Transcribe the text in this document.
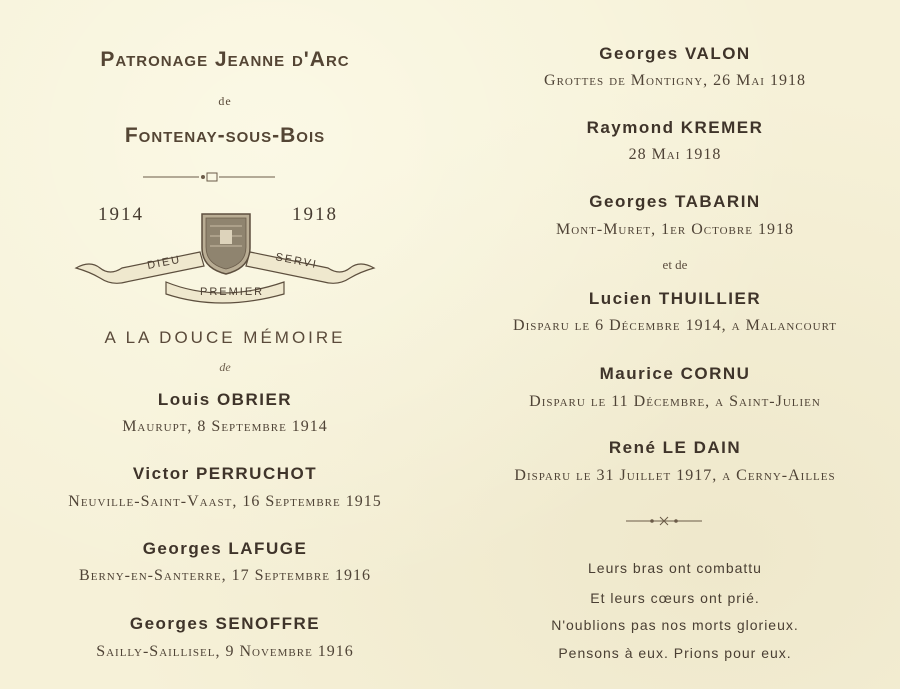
Patronage Jeanne d'Arc
de
Fontenay-sous-Bois
1914	1918
DIEU
PREMIER
SERVI
A LA DOUCE MÉMOIRE
de
Louis OBRIER
Maurupt, 8 Septembre 1914
Victor PERRUCHOT
Neuville-Saint-Vaast, 16 Septembre 1915
Georges LAFUGE
Berny-en-Santerre, 17 Septembre 1916
Georges SENOFFRE
Sailly-Saillisel, 9 Novembre 1916
Georges VALON
Grottes de Montigny, 26 Mai 1918
Raymond KREMER
28 Mai 1918
Georges TABARIN
Mont-Muret, 1er Octobre 1918
et de
Lucien THUILLIER
Disparu le 6 Décembre 1914, a Malancourt
Maurice CORNU
Disparu le 11 Décembre, a Saint-Julien
René LE DAIN
Disparu le 31 Juillet 1917, a Cerny-Ailles
Leurs bras ont combattu
Et leurs cœurs ont prié.
N'oublions pas nos morts glorieux.
Pensons à eux. Prions pour eux.
